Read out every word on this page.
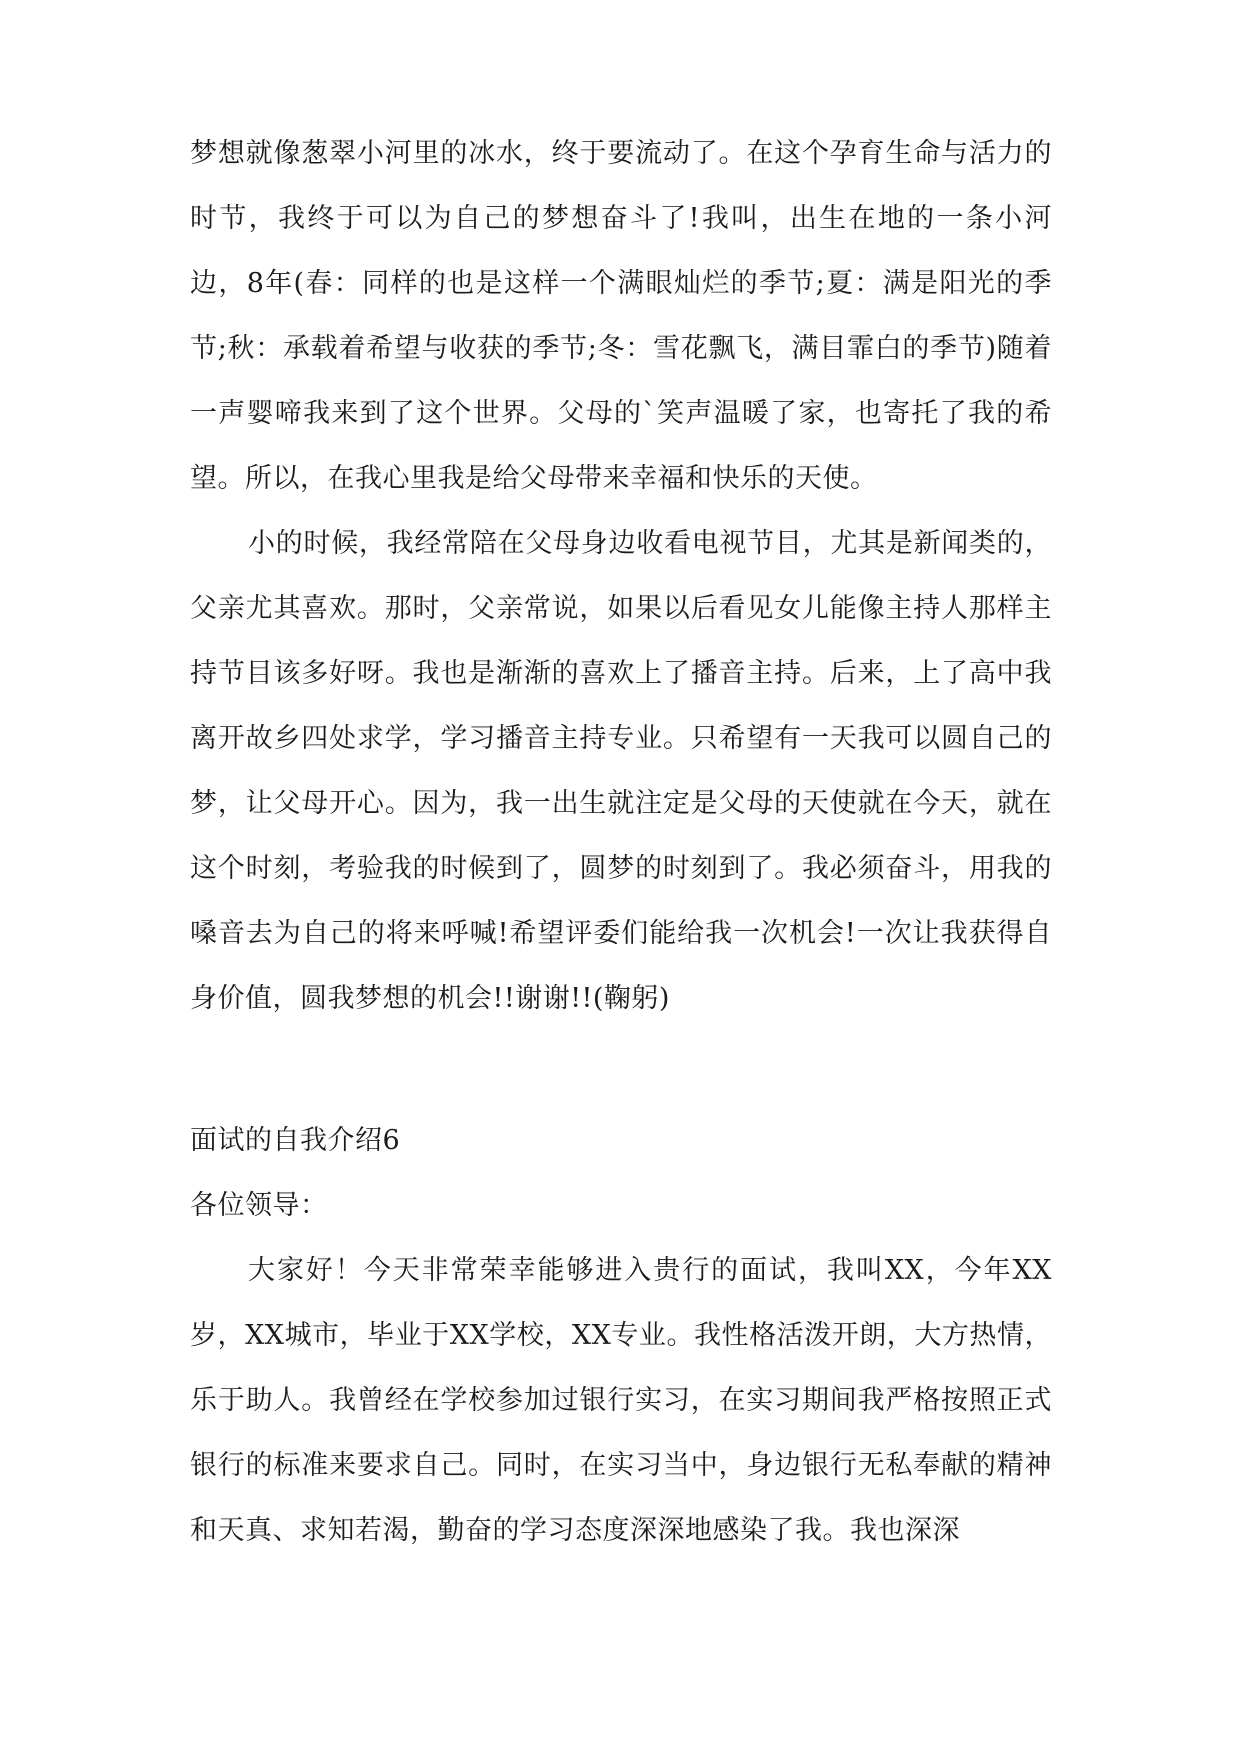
梦想就像葱翠小河里的冰水，终于要流动了。在这个孕育生命与活力的时节，我终于可以为自己的梦想奋斗了!我叫，出生在地的一条小河边，8年(春：同样的也是这样一个满眼灿烂的季节;夏：满是阳光的季节;秋：承载着希望与收获的季节;冬：雪花飘飞，满目霏白的季节)随着一声婴啼我来到了这个世界。父母的`笑声温暖了家，也寄托了我的希望。所以，在我心里我是给父母带来幸福和快乐的天使。

小的时候，我经常陪在父母身边收看电视节目，尤其是新闻类的，父亲尤其喜欢。那时，父亲常说，如果以后看见女儿能像主持人那样主持节目该多好呀。我也是渐渐的喜欢上了播音主持。后来，上了高中我离开故乡四处求学，学习播音主持专业。只希望有一天我可以圆自己的梦，让父母开心。因为，我一出生就注定是父母的天使就在今天，就在这个时刻，考验我的时候到了，圆梦的时刻到了。我必须奋斗，用我的嗓音去为自己的将来呼喊!希望评委们能给我一次机会!一次让我获得自身价值，圆我梦想的机会!!谢谢!!(鞠躬)

面试的自我介绍6

各位领导：

大家好！今天非常荣幸能够进入贵行的面试，我叫XX，今年XX岁，XX城市，毕业于XX学校，XX专业。我性格活泼开朗，大方热情，乐于助人。我曾经在学校参加过银行实习，在实习期间我严格按照正式银行的标准来要求自己。同时，在实习当中，身边银行无私奉献的精神和天真、求知若渴，勤奋的学习态度深深地感染了我。我也深深
